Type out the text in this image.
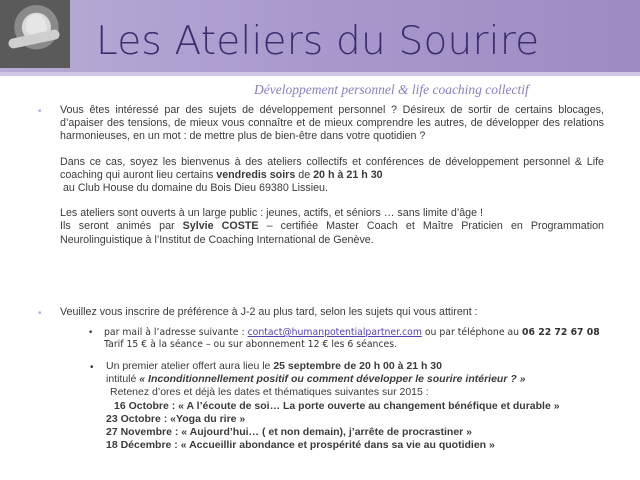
Les Ateliers du Sourire
Développement personnel & life coaching collectif
• Vous êtes intéressé par des sujets de développement personnel ? Désireux de sortir de certains blocages, d’apaiser des tensions, de mieux vous connaître et de mieux comprendre les autres, de développer des relations harmonieuses, en un mot : de mettre plus de bien-être dans votre quotidien ?

Dans ce cas, soyez les bienvenus à des ateliers collectifs et conférences de développement personnel & Life coaching qui auront lieu certains vendredis soirs de 20 h à 21 h 30
au Club House du domaine du Bois Dieu 69380 Lissieu.

Les ateliers sont ouverts à un large public : jeunes, actifs, et séniors … sans limite d’âge !
Ils seront animés par Sylvie COSTE – certifiée Master Coach et Maître Praticien en Programmation Neurolinguistique à l’Institut de Coaching International de Genève.

• Veuillez vous inscrire de préférence à J-2 au plus tard, selon les sujets qui vous attirent :

• par mail à l’adresse suivante : contact@humanpotentialpartner.com ou par téléphone au 06 22 72 67 08
Tarif 15 € à la séance – ou sur abonnement 12 € les 6 séances.
• Un premier atelier offert aura lieu le 25 septembre de 20 h 00 à 21 h 30
intitulé « Inconditionnellement positif ou comment développer le sourire intérieur ? »
Retenez d’ores et déjà les dates et thématiques suivantes sur 2015 :
16 Octobre : « A l’écoute de soi… La porte ouverte au changement bénéfique et durable »
23 Octobre : «Yoga du rire »
27 Novembre : « Aujourd’hui… ( et non demain), j’arrête de procrastiner »
18 Décembre : « Accueillir abondance et prospérité dans sa vie au quotidien »
